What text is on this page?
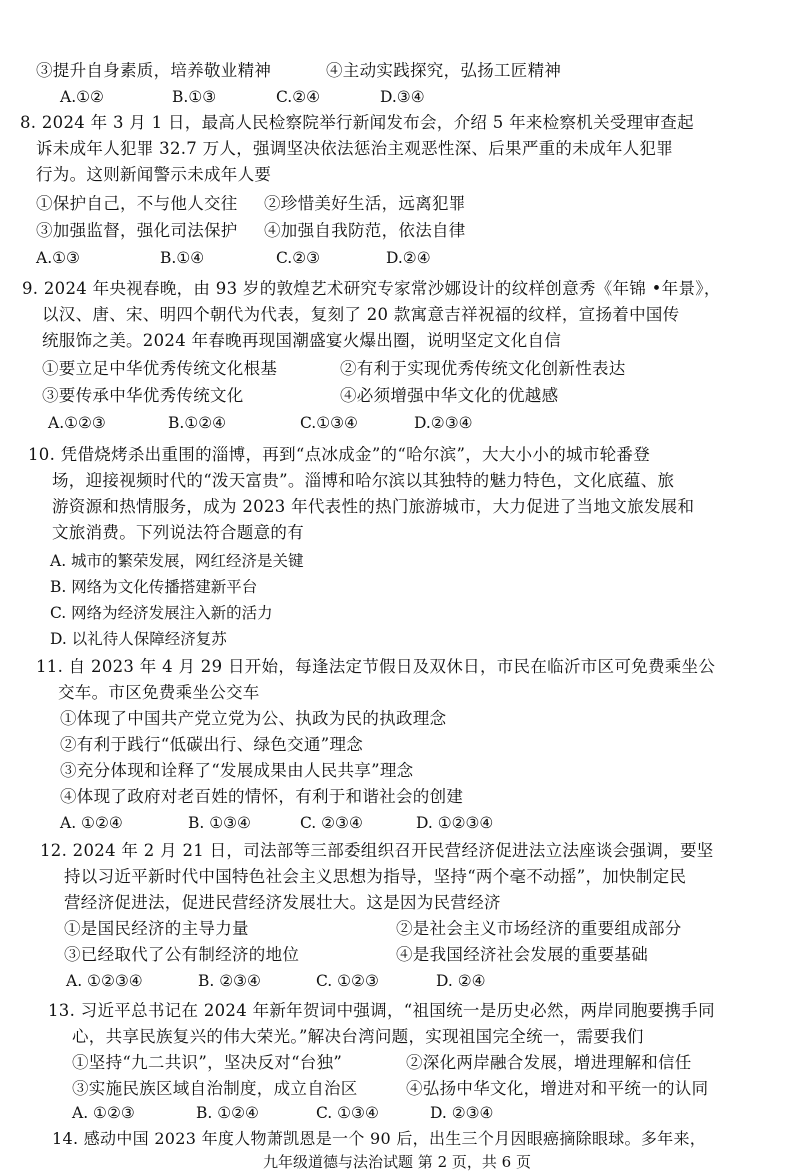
③提升自身素质，培养敬业精神	④主动实践探究，弘扬工匠精神
A.①②	B.①③	C.②④	D.③④
8. 2024 年 3 月 1 日，最高人民检察院举行新闻发布会，介绍 5 年来检察机关受理审查起
诉未成年人犯罪 32.7 万人，强调坚决依法惩治主观恶性深、后果严重的未成年人犯罪
行为。这则新闻警示未成年人要
①保护自己，不与他人交往 ②珍惜美好生活，远离犯罪
③加强监督，强化司法保护 ④加强自我防范，依法自律
A.①③	B.①④	C.②③	D.②④
9. 2024 年央视春晚，由 93 岁的敦煌艺术研究专家常沙娜设计的纹样创意秀《年锦 •年景》，
以汉、唐、宋、明四个朝代为代表，复刻了 20 款寓意吉祥祝福的纹样，宣扬着中国传
统服饰之美。2024 年春晚再现国潮盛宴火爆出圈，说明坚定文化自信
①要立足中华优秀传统文化根基	②有利于实现优秀传统文化创新性表达
③要传承中华优秀传统文化	④必须增强中华文化的优越感
A.①②③	B.①②④	C.①③④	D.②③④
10. 凭借烧烤杀出重围的淄博，再到“点冰成金”的“哈尔滨”，大大小小的城市轮番登
场，迎接视频时代的“泼天富贵”。淄博和哈尔滨以其独特的魅力特色，文化底蕴、旅
游资源和热情服务，成为 2023 年代表性的热门旅游城市，大力促进了当地文旅发展和
文旅消费。下列说法符合题意的有
A. 城市的繁荣发展，网红经济是关键
B. 网络为文化传播搭建新平台
C. 网络为经济发展注入新的活力
D. 以礼待人保障经济复苏
11. 自 2023 年 4 月 29 日开始，每逢法定节假日及双休日，市民在临沂市区可免费乘坐公
交车。市区免费乘坐公交车
①体现了中国共产党立党为公、执政为民的执政理念
②有利于践行“低碳出行、绿色交通”理念
③充分体现和诠释了“发展成果由人民共享”理念
④体现了政府对老百姓的情怀，有利于和谐社会的创建
A. ①②④	B. ①③④	C. ②③④	D. ①②③④
12. 2024 年 2 月 21 日，司法部等三部委组织召开民营经济促进法立法座谈会强调，要坚
持以习近平新时代中国特色社会主义思想为指导，坚持“两个毫不动摇”，加快制定民
营经济促进法，促进民营经济发展壮大。这是因为民营经济
①是国民经济的主导力量	②是社会主义市场经济的重要组成部分
③已经取代了公有制经济的地位	④是我国经济社会发展的重要基础
A. ①②③④	B. ②③④	C. ①②③	D. ②④
13. 习近平总书记在 2024 年新年贺词中强调，“祖国统一是历史必然，两岸同胞要携手同
心，共享民族复兴的伟大荣光。”解决台湾问题，实现祖国完全统一，需要我们
①坚持“九二共识”，坚决反对“台独”	②深化两岸融合发展，增进理解和信任
③实施民族区域自治制度，成立自治区	④弘扬中华文化，增进对和平统一的认同
A. ①②③	B. ①②④	C. ①③④	D. ②③④
14. 感动中国 2023 年度人物萧凯恩是一个 90 后，出生三个月因眼癌摘除眼球。多年来，
九年级道德与法治试题 第 2 页，共 6 页
